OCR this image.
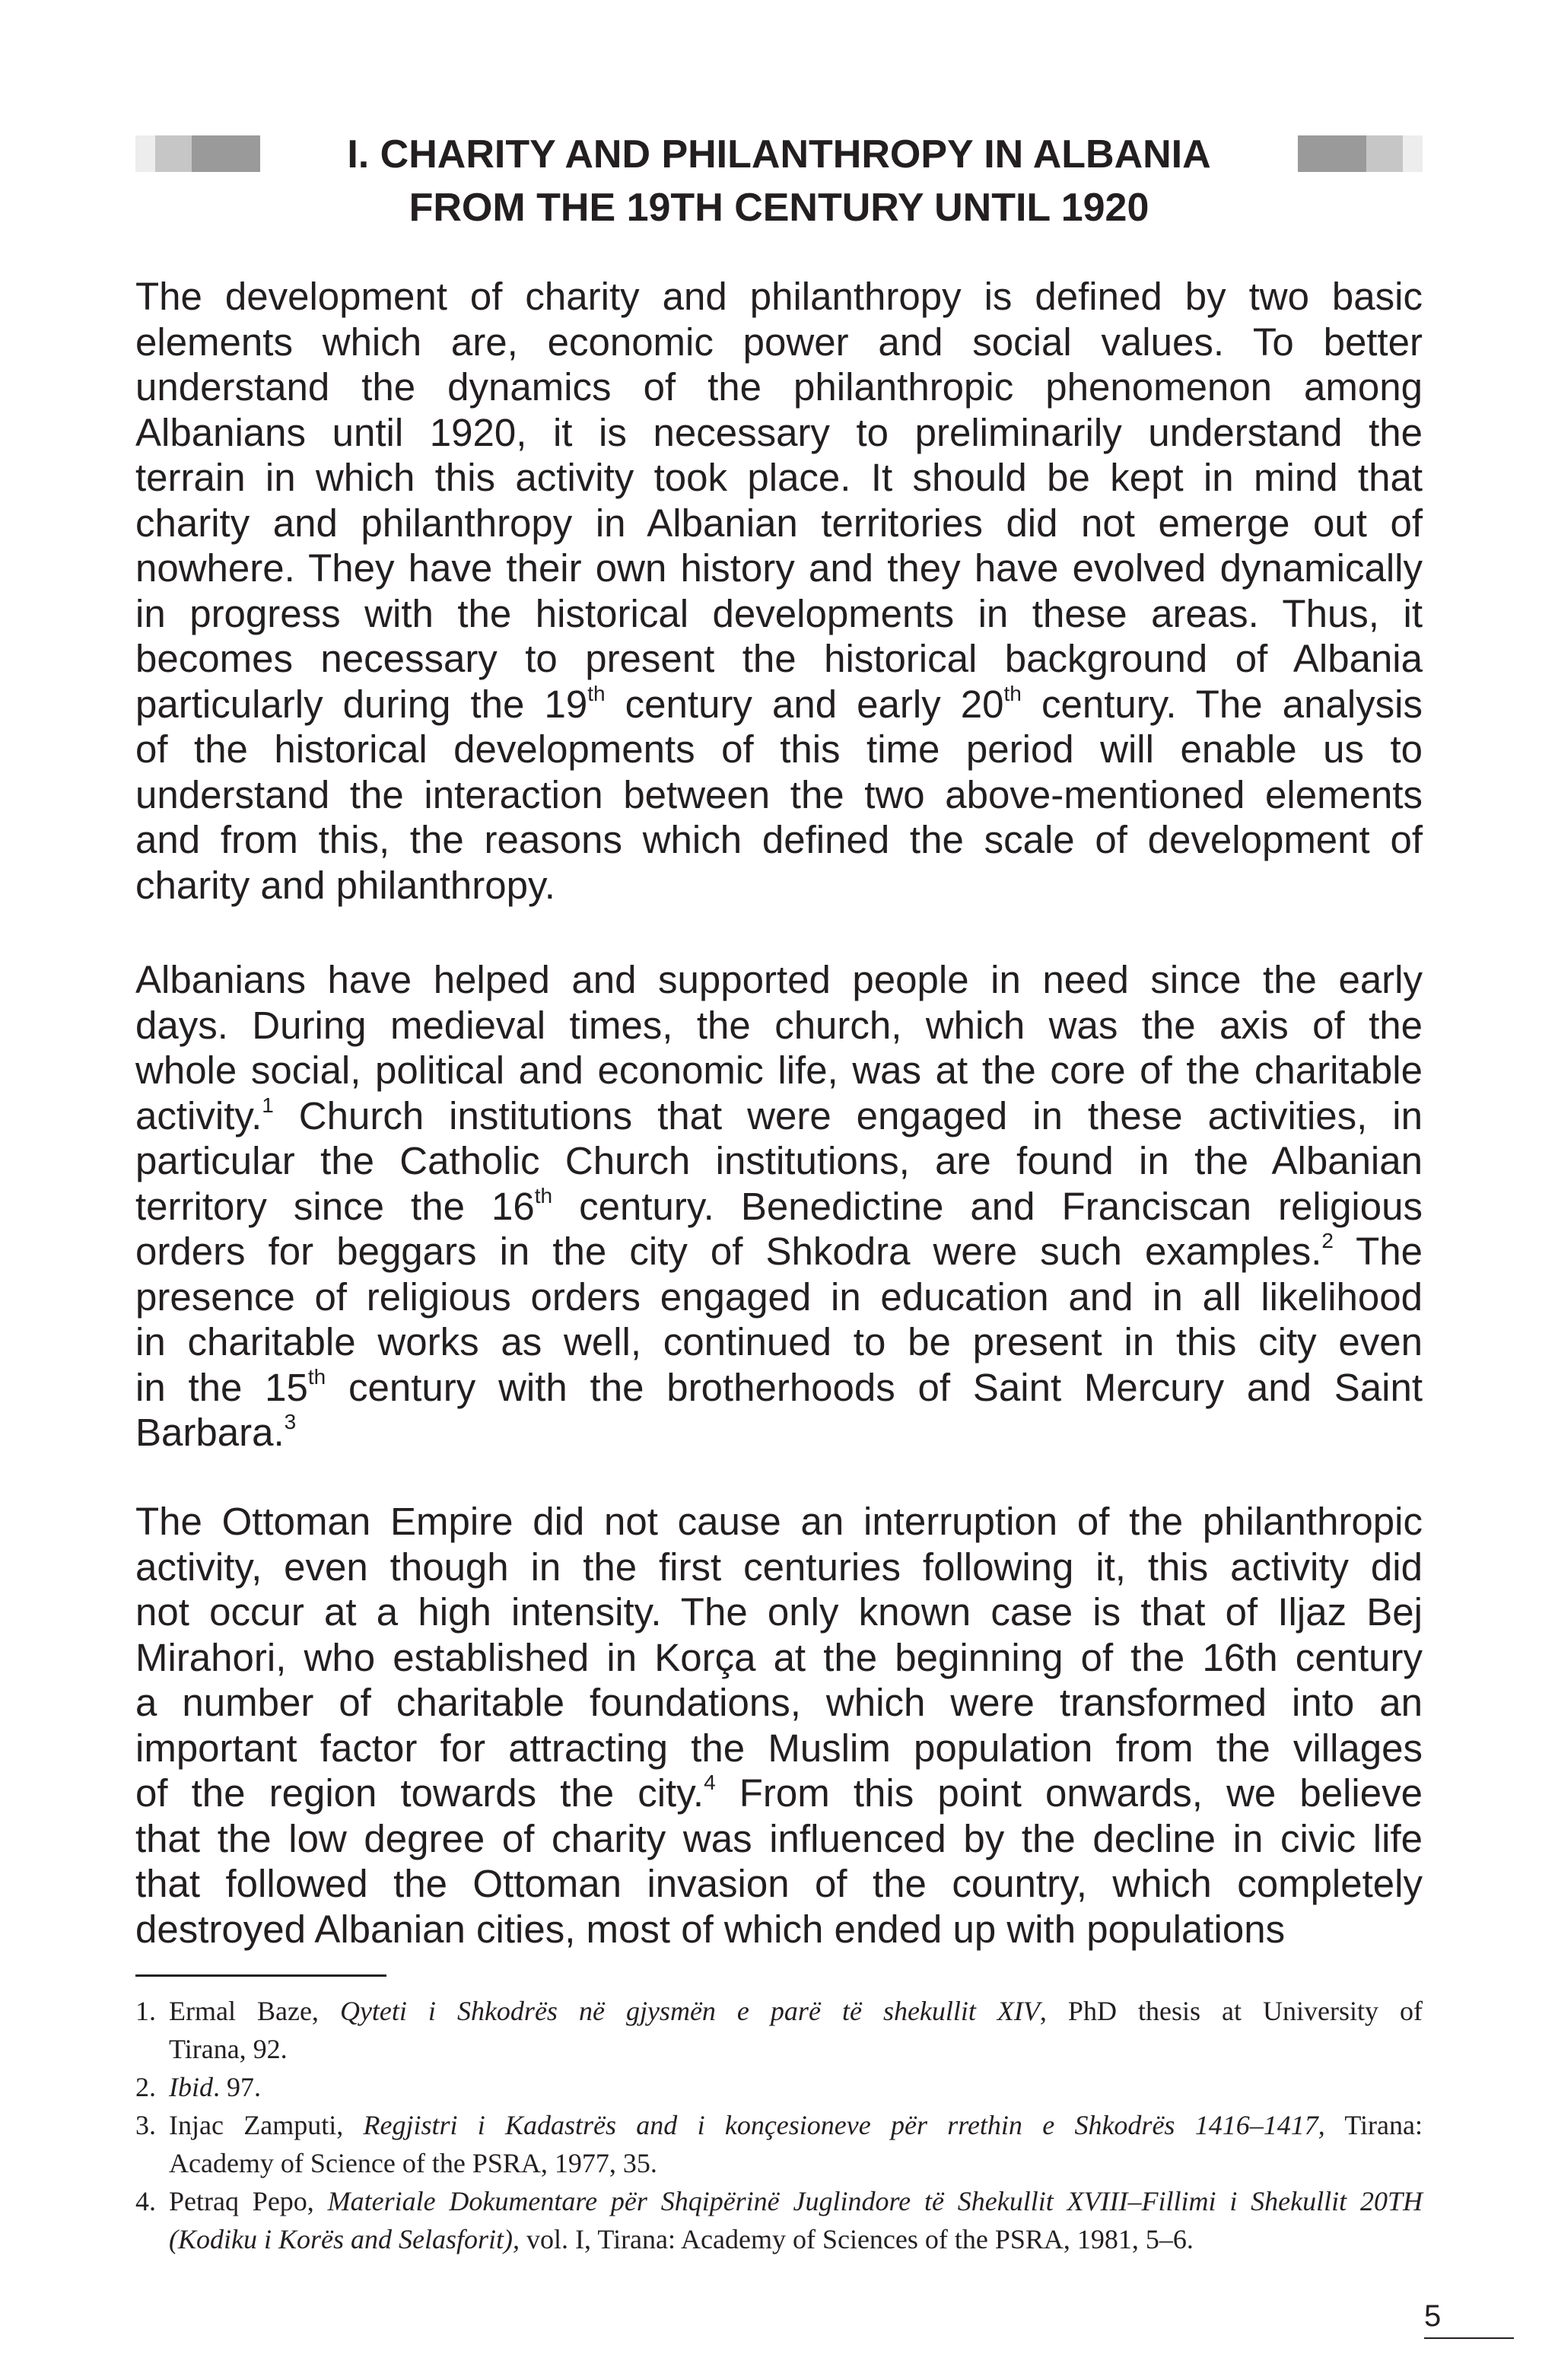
I. CHARITY AND PHILANTHROPY IN ALBANIA
FROM THE 19TH CENTURY UNTIL 1920
The development of charity and philanthropy is defined by two basic
elements which are, economic power and social values. To better
understand the dynamics of the philanthropic phenomenon among
Albanians until 1920, it is necessary to preliminarily understand the
terrain in which this activity took place. It should be kept in mind that
charity and philanthropy in Albanian territories did not emerge out of
nowhere. They have their own history and they have evolved dynamically
in progress with the historical developments in these areas. Thus, it
becomes necessary to present the historical background of Albania
particularly during the 19th century and early 20th century. The analysis
of the historical developments of this time period will enable us to
understand the interaction between the two above-mentioned elements
and from this, the reasons which defined the scale of development of
charity and philanthropy.
Albanians have helped and supported people in need since the early
days. During medieval times, the church, which was the axis of the
whole social, political and economic life, was at the core of the charitable
activity.$^1$ Church institutions that were engaged in these activities, in
particular the Catholic Church institutions, are found in the Albanian
territory since the 16th century. Benedictine and Franciscan religious
orders for beggars in the city of Shkodra were such examples.$^2$ The
presence of religious orders engaged in education and in all likelihood
in charitable works as well, continued to be present in this city even
in the 15th century with the brotherhoods of Saint Mercury and Saint
Barbara.$^3$
The Ottoman Empire did not cause an interruption of the philanthropic
activity, even though in the first centuries following it, this activity did
not occur at a high intensity. The only known case is that of Iljaz Bej
Mirahori, who established in Korça at the beginning of the 16th century
a number of charitable foundations, which were transformed into an
important factor for attracting the Muslim population from the villages
of the region towards the city.$^4$ From this point onwards, we believe
that the low degree of charity was influenced by the decline in civic life
that followed the Ottoman invasion of the country, which completely
destroyed Albanian cities, most of which ended up with populations
1. Ermal Baze, Qyteti i Shkodrës në gjysmën e parë të shekullit XIV, PhD thesis at University of
Tirana, 92.
2. Ibid. 97.
3. Injac Zamputi, Regjistri i Kadastrës and i konçesioneve për rrethin e Shkodrës 1416–1417, Tirana:
Academy of Science of the PSRA, 1977, 35.
4. Petraq Pepo, Materiale Dokumentare për Shqipërinë Juglindore të Shekullit XVIII–Fillimi i Shekullit 20TH
(Kodiku i Korës and Selasforit), vol. I, Tirana: Academy of Sciences of the PSRA, 1981, 5–6.
5
